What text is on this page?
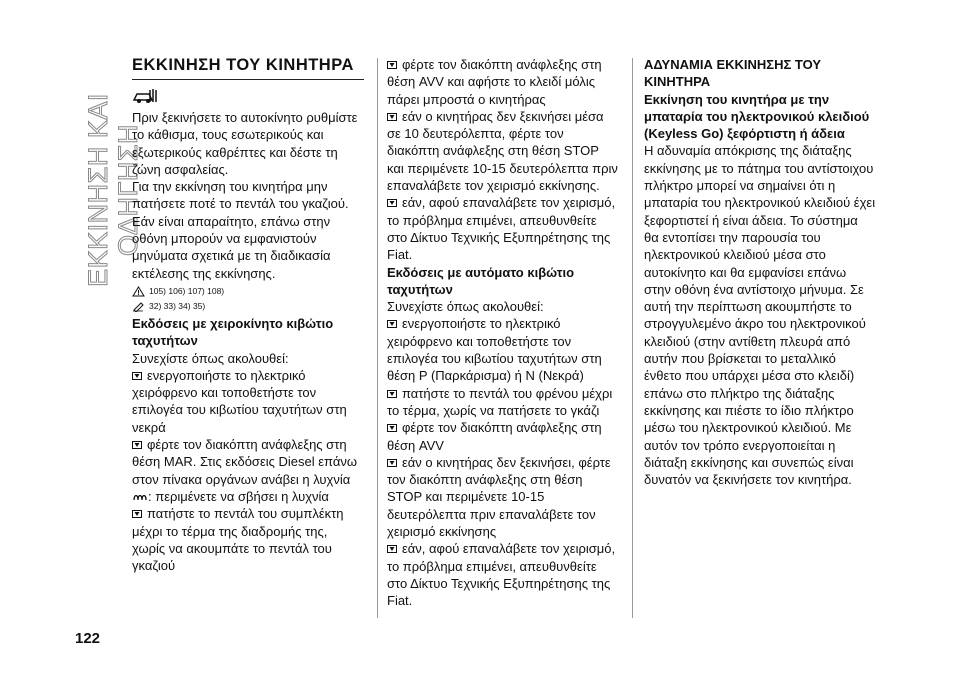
ΕΚΚΙΝΗΣΗ ΚΑΙ ΟΔΗΓΗΣΗ
ΕΚΚΙΝΗΣΗ ΤΟΥ ΚΙΝΗΤΗΡΑ

Πριν ξεκινήσετε το αυτοκίνητο ρυθμίστε το κάθισμα, τους εσωτερικούς και εξωτερικούς καθρέπτες και δέστε τη ζώνη ασφαλείας.

Για την εκκίνηση του κινητήρα μην πατήσετε ποτέ το πεντάλ του γκαζιού.

Εάν είναι απαραίτητο, επάνω στην οθόνη μπορούν να εμφανιστούν μηνύματα σχετικά με τη διαδικασία εκτέλεσης της εκκίνησης.

105) 106) 107) 108)
32) 33) 34) 35)
Εκδόσεις με χειροκίνητο κιβώτιο ταχυτήτων

Συνεχίστε όπως ακολουθεί:

ενεργοποιήστε το ηλεκτρικό χειρόφρενο και τοποθετήστε τον επιλογέα του κιβωτίου ταχυτήτων στη νεκρά

φέρτε τον διακόπτη ανάφλεξης στη θέση MAR. Στις εκδόσεις Diesel επάνω στον πίνακα οργάνων ανάβει η λυχνία : περιμένετε να σβήσει η λυχνία

πατήστε το πεντάλ του συμπλέκτη μέχρι το τέρμα της διαδρομής της, χωρίς να ακουμπάτε το πεντάλ του γκαζιού

φέρτε τον διακόπτη ανάφλεξης στη θέση AVV και αφήστε το κλειδί μόλις πάρει μπροστά ο κινητήρας

εάν ο κινητήρας δεν ξεκινήσει μέσα σε 10 δευτερόλεπτα, φέρτε τον διακόπτη ανάφλεξης στη θέση STOP και περιμένετε 10-15 δευτερόλεπτα πριν επαναλάβετε τον χειρισμό εκκίνησης.

εάν, αφού επαναλάβετε τον χειρισμό, το πρόβλημα επιμένει, απευθυνθείτε στο Δίκτυο Τεχνικής Εξυπηρέτησης της Fiat.

Εκδόσεις με αυτόματο κιβώτιο ταχυτήτων

Συνεχίστε όπως ακολουθεί:

ενεργοποιήστε το ηλεκτρικό χειρόφρενο και τοποθετήστε τον επιλογέα του κιβωτίου ταχυτήτων στη θέση P (Παρκάρισμα) ή N (Νεκρά)

πατήστε το πεντάλ του φρένου μέχρι το τέρμα, χωρίς να πατήσετε το γκάζι

φέρτε τον διακόπτη ανάφλεξης στη θέση AVV

εάν ο κινητήρας δεν ξεκινήσει, φέρτε τον διακόπτη ανάφλεξης στη θέση STOP και περιμένετε 10-15 δευτερόλεπτα πριν επαναλάβετε τον χειρισμό εκκίνησης

εάν, αφού επαναλάβετε τον χειρισμό, το πρόβλημα επιμένει, απευθυνθείτε στο Δίκτυο Τεχνικής Εξυπηρέτησης της Fiat.

ΑΔΥΝΑΜΙΑ ΕΚΚΙΝΗΣΗΣ ΤΟΥ ΚΙΝΗΤΗΡΑ
Εκκίνηση του κινητήρα με την μπαταρία του ηλεκτρονικού κλειδιού (Keyless Go) ξεφόρτιστη ή άδεια

Η αδυναμία απόκρισης της διάταξης εκκίνησης με το πάτημα του αντίστοιχου πλήκτρο μπορεί να σημαίνει ότι η μπαταρία του ηλεκτρονικού κλειδιού έχει ξεφορτιστεί ή είναι άδεια. Το σύστημα θα εντοπίσει την παρουσία του ηλεκτρονικού κλειδιού μέσα στο αυτοκίνητο και θα εμφανίσει επάνω στην οθόνη ένα αντίστοιχο μήνυμα. Σε αυτή την περίπτωση ακουμπήστε το στρογγυλεμένο άκρο του ηλεκτρονικού κλειδιού (στην αντίθετη πλευρά από αυτήν που βρίσκεται το μεταλλικό ένθετο που υπάρχει μέσα στο κλειδί) επάνω στο πλήκτρο της διάταξης εκκίνησης και πιέστε το ίδιο πλήκτρο μέσω του ηλεκτρονικού κλειδιού. Με αυτόν τον τρόπο ενεργοποιείται η διάταξη εκκίνησης και συνεπώς είναι δυνατόν να ξεκινήσετε τον κινητήρα.

122
